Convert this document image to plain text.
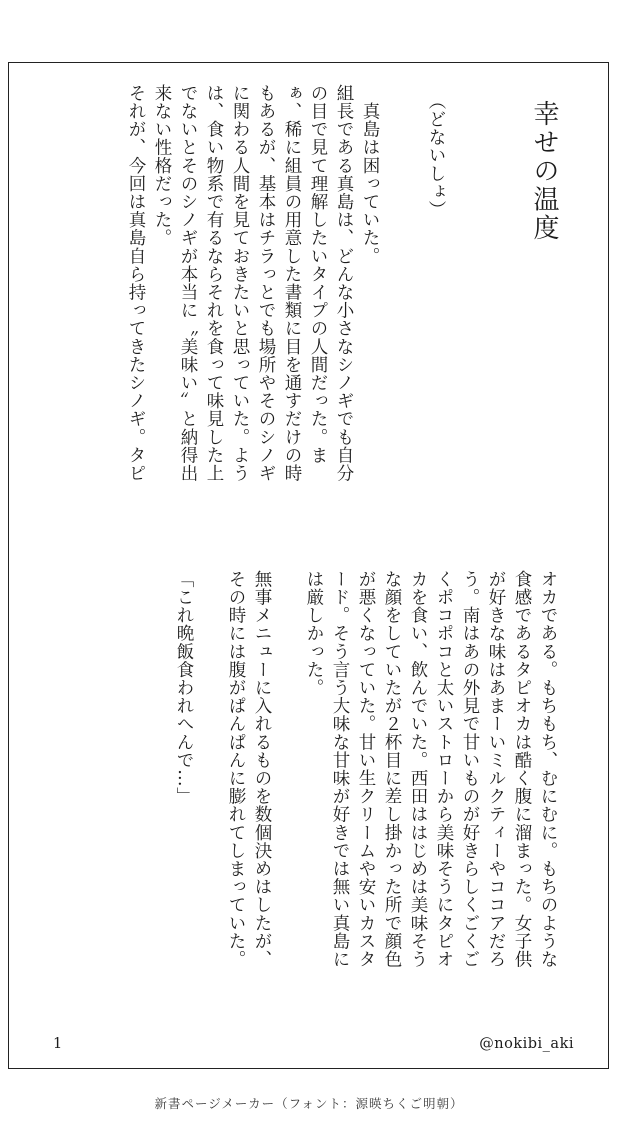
幸せの温度

（どないしょ）

　真島は困っていた。

組長である真島は、どんな小さなシノギでも自分の目で見て理解したいタイプの人間だった。まぁ、稀に組員の用意した書類に目を通すだけの時もあるが、基本はチラっとでも場所やそのシノギに関わる人間を見ておきたいと思っていた。ようは、食い物系で有るならそれを食って味見した上でないとそのシノギが本当に〝美味い〟と納得出来ない性格だった。

それが、今回は真島自ら持ってきたシノギ。タピ

オカである。もちもち、むにむに。もちのような食感であるタピオカは酷く腹に溜まった。女子供が好きな味はあまーいミルクティーやココアだろう。南はあの外見で甘いものが好きらしくごくごくポコポコと太いストローから美味そうにタピオカを食い、飲んでいた。西田ははじめは美味そうな顔をしていたが２杯目に差し掛かった所で顔色が悪くなっていた。甘い生クリームや安いカスタード。そう言う大味な甘味が好きでは無い真島には厳しかった。

無事メニューに入れるものを数個決めはしたが、その時には腹がぱんぱんに膨れてしまっていた。

「これ晩飯食われへんで…」

1	@nokibi_aki
新書ページメーカー（フォント：源暎ちくご明朝）
